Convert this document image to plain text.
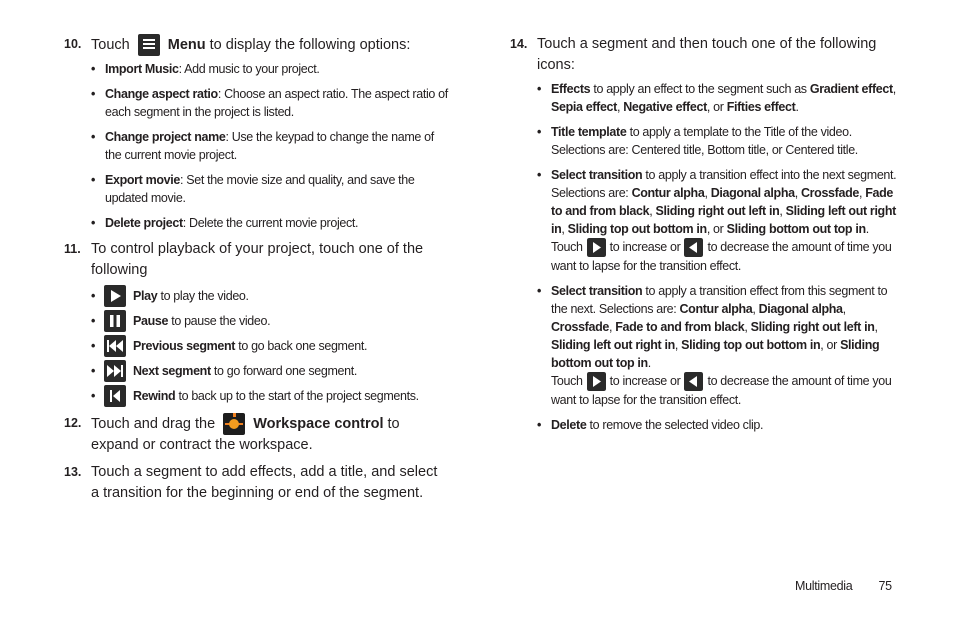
10. Touch	Menu to display the following options:
• Import Music: Add music to your project.
• Change aspect ratio: Choose an aspect ratio. The aspect ratio of each segment in the project is listed.
• Change project name: Use the keypad to change the name of the current movie project.
• Export movie: Set the movie size and quality, and save the updated movie.
• Delete project: Delete the current movie project.
11. To control playback of your project, touch one of the following
• Play to play the video.
• Pause to pause the video.
• Previous segment to go back one segment.
• Next segment to go forward one segment.
• Rewind to back up to the start of the project segments.
12. Touch and drag the	Workspace control to expand or contract the workspace.
13. Touch a segment to add effects, add a title, and select a transition for the beginning or end of the segment.
14. Touch a segment and then touch one of the following icons:
• Effects to apply an effect to the segment such as Gradient effect, Sepia effect, Negative effect, or Fifties effect.
• Title template to apply a template to the Title of the video. Selections are: Centered title, Bottom title, or Centered title.
• Select transition to apply a transition effect into the next segment. Selections are: Contur alpha, Diagonal alpha, Crossfade, Fade to and from black, Sliding right out left in, Sliding left out right in, Sliding top out bottom in, or Sliding bottom out top in.
Touch to increase or to decrease the amount of time you want to lapse for the transition effect.
• Select transition to apply a transition effect from this segment to the next. Selections are: Contur alpha, Diagonal alpha, Crossfade, Fade to and from black, Sliding right out left in, Sliding left out right in, Sliding top out bottom in, or Sliding bottom out top in.
Touch to increase or to decrease the amount of time you want to lapse for the transition effect.
• Delete to remove the selected video clip.
Multimedia 75
